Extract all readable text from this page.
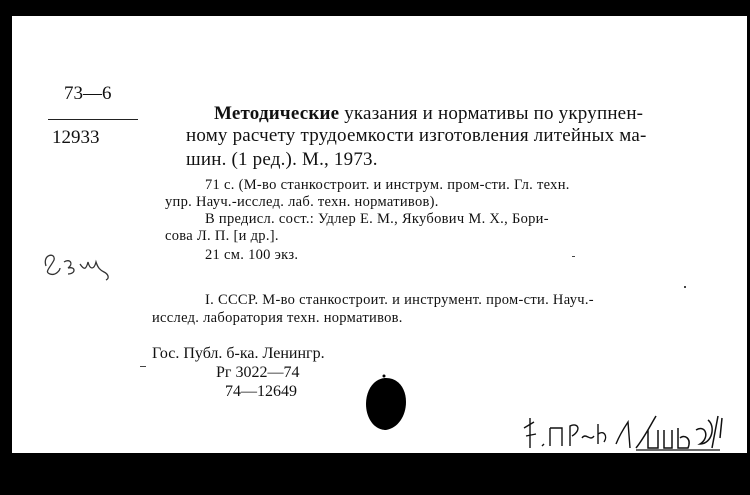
73—6
12933
Методические указания и нормативы по укрупнен-
ному расчету трудоемкости изготовления литейных ма-
шин. (1 ред.). М., 1973.
71 с. (М-во станкостроит. и инструм. пром-сти. Гл. техн.
упр. Науч.-исслед. лаб. техн. нормативов).
В предисл. сост.: Удлер Е. М., Якубович М. Х., Бори-
сова Л. П. [и др.].
21 см. 100 экз.
I. СССР. М-во станкостроит. и инструмент. пром-сти. Науч.-
исслед. лаборатория техн. нормативов.
Гос. Публ. б-ка. Ленингр.
Рг 3022—74
74—12649
